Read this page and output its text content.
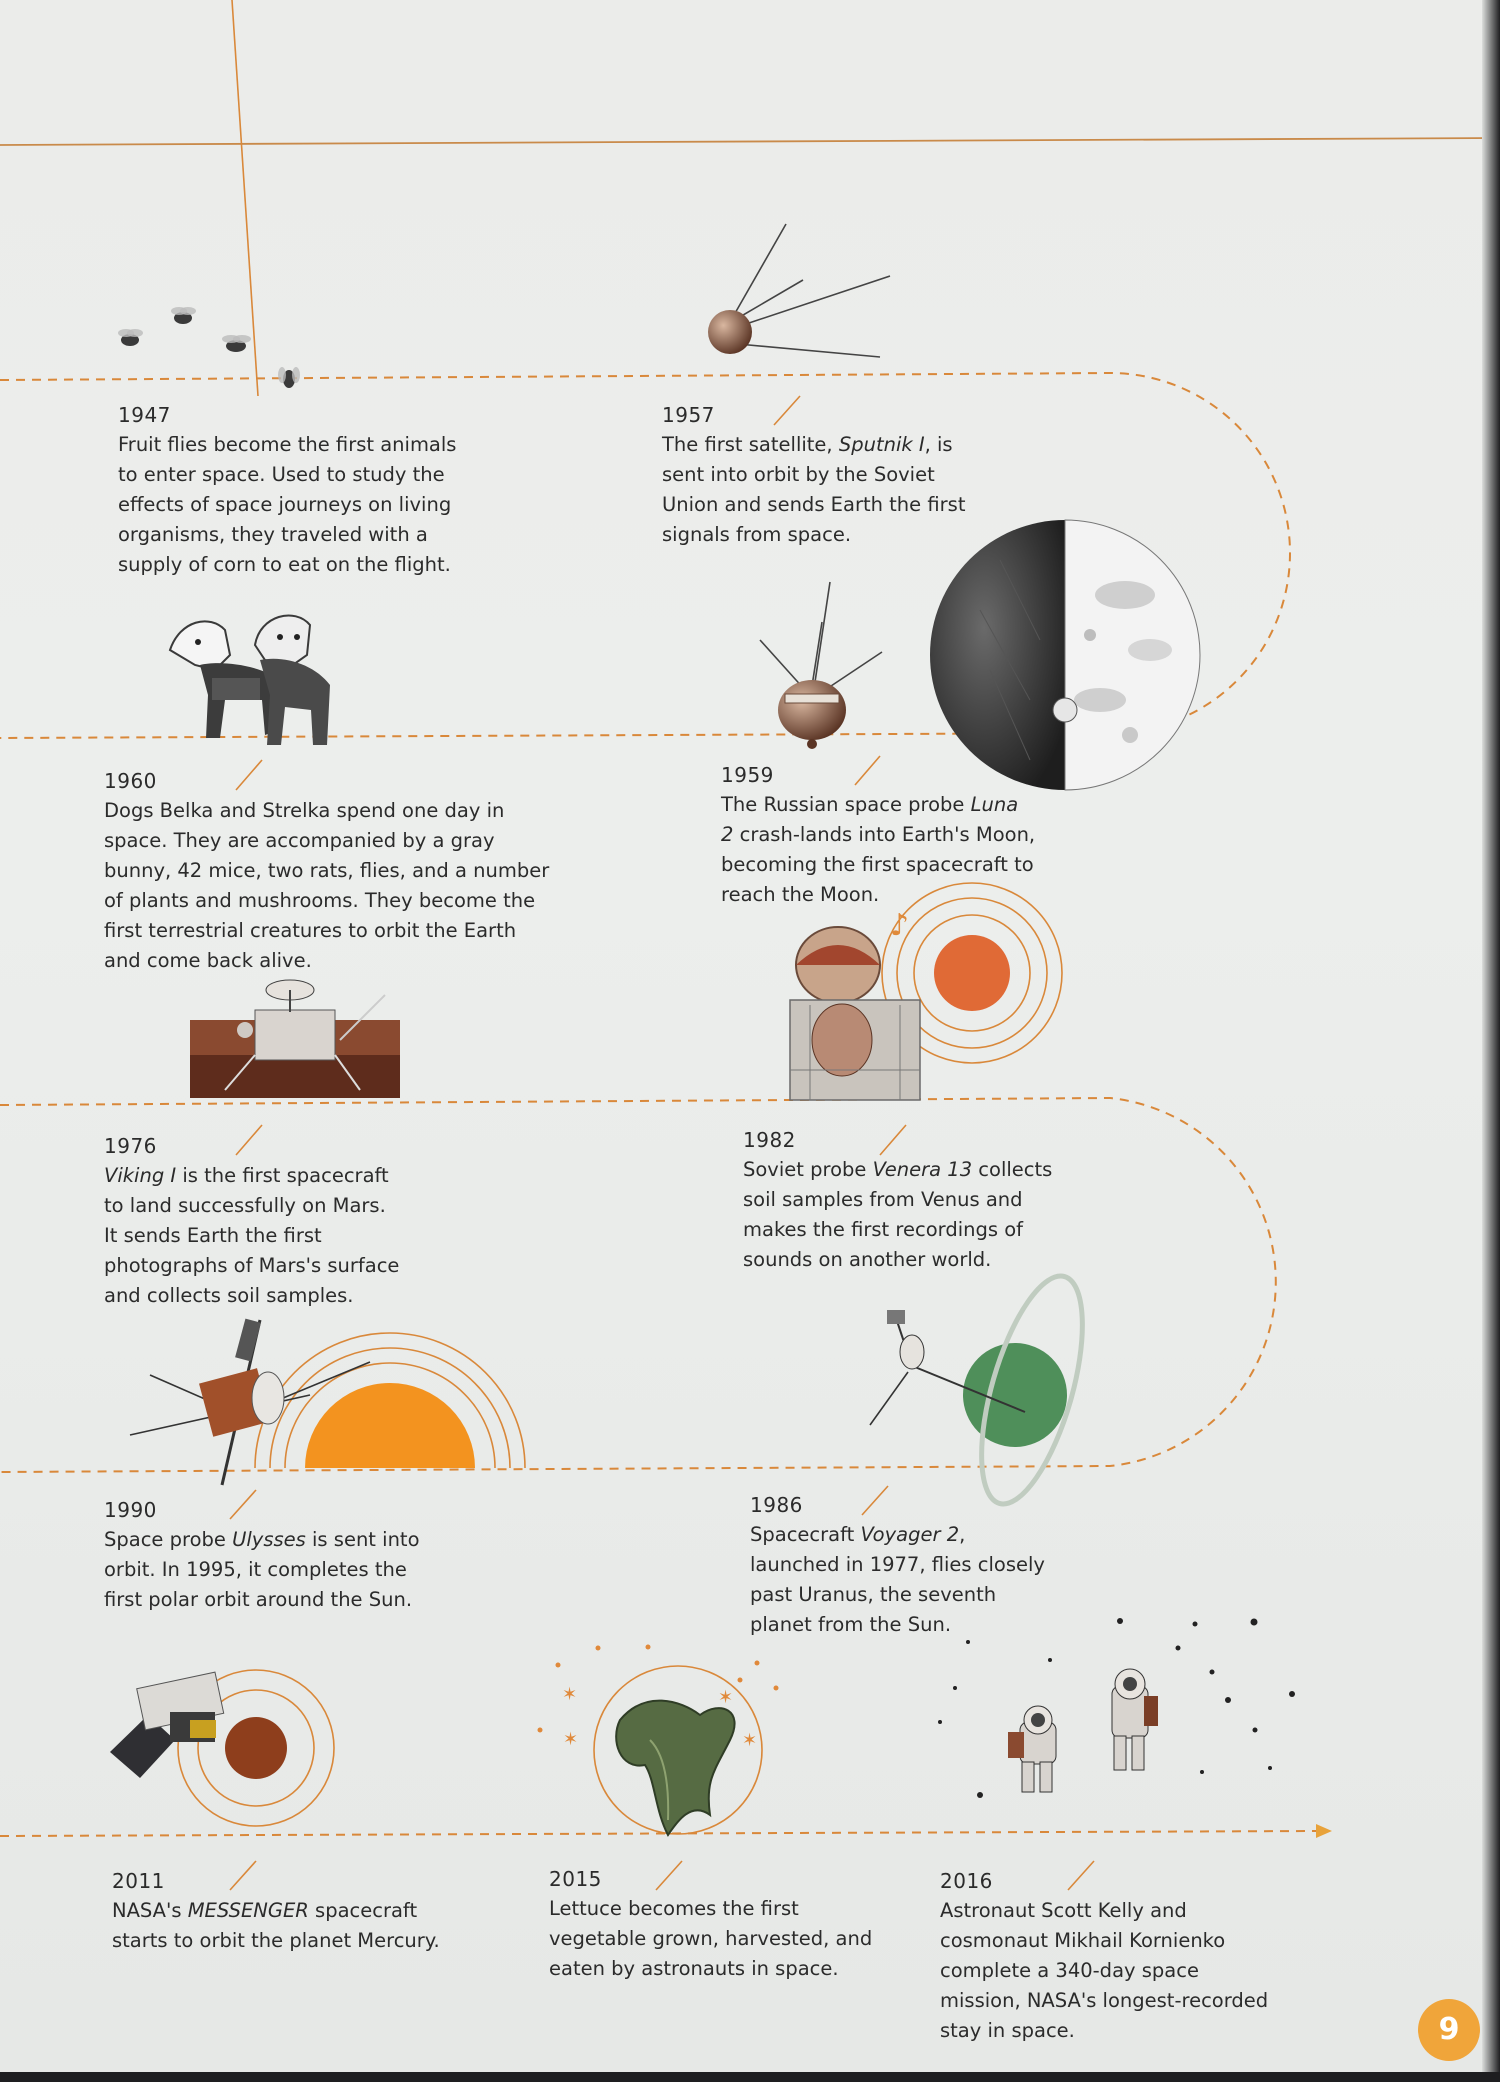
♪
✶
✶
✶
✶
1947

Fruit flies become the first animals to enter space. Used to study the effects of space journeys on living organisms, they traveled with a supply of corn to eat on the flight.

1957

The first satellite, Sputnik I, is sent into orbit by the Soviet Union and sends Earth the first signals from space.

1960

Dogs Belka and Strelka spend one day in space. They are accompanied by a gray bunny, 42 mice, two rats, flies, and a number of plants and mushrooms. They become the first terrestrial creatures to orbit the Earth and come back alive.

1959

The Russian space probe Luna 2 crash-lands into Earth's Moon, becoming the first spacecraft to reach the Moon.

1976

Viking I is the first spacecraft to land successfully on Mars. It sends Earth the first photographs of Mars's surface and collects soil samples.

1982

Soviet probe Venera 13 collects soil samples from Venus and makes the first recordings of sounds on another world.

1990

Space probe Ulysses is sent into orbit. In 1995, it completes the first polar orbit around the Sun.

1986

Spacecraft Voyager 2, launched in 1977, flies closely past Uranus, the seventh planet from the Sun.

2011

NASA's MESSENGER spacecraft starts to orbit the planet Mercury.

2015

Lettuce becomes the first vegetable grown, harvested, and eaten by astronauts in space.

2016

Astronaut Scott Kelly and cosmonaut Mikhail Kornienko complete a 340-day space mission, NASA's longest-recorded stay in space.	9
